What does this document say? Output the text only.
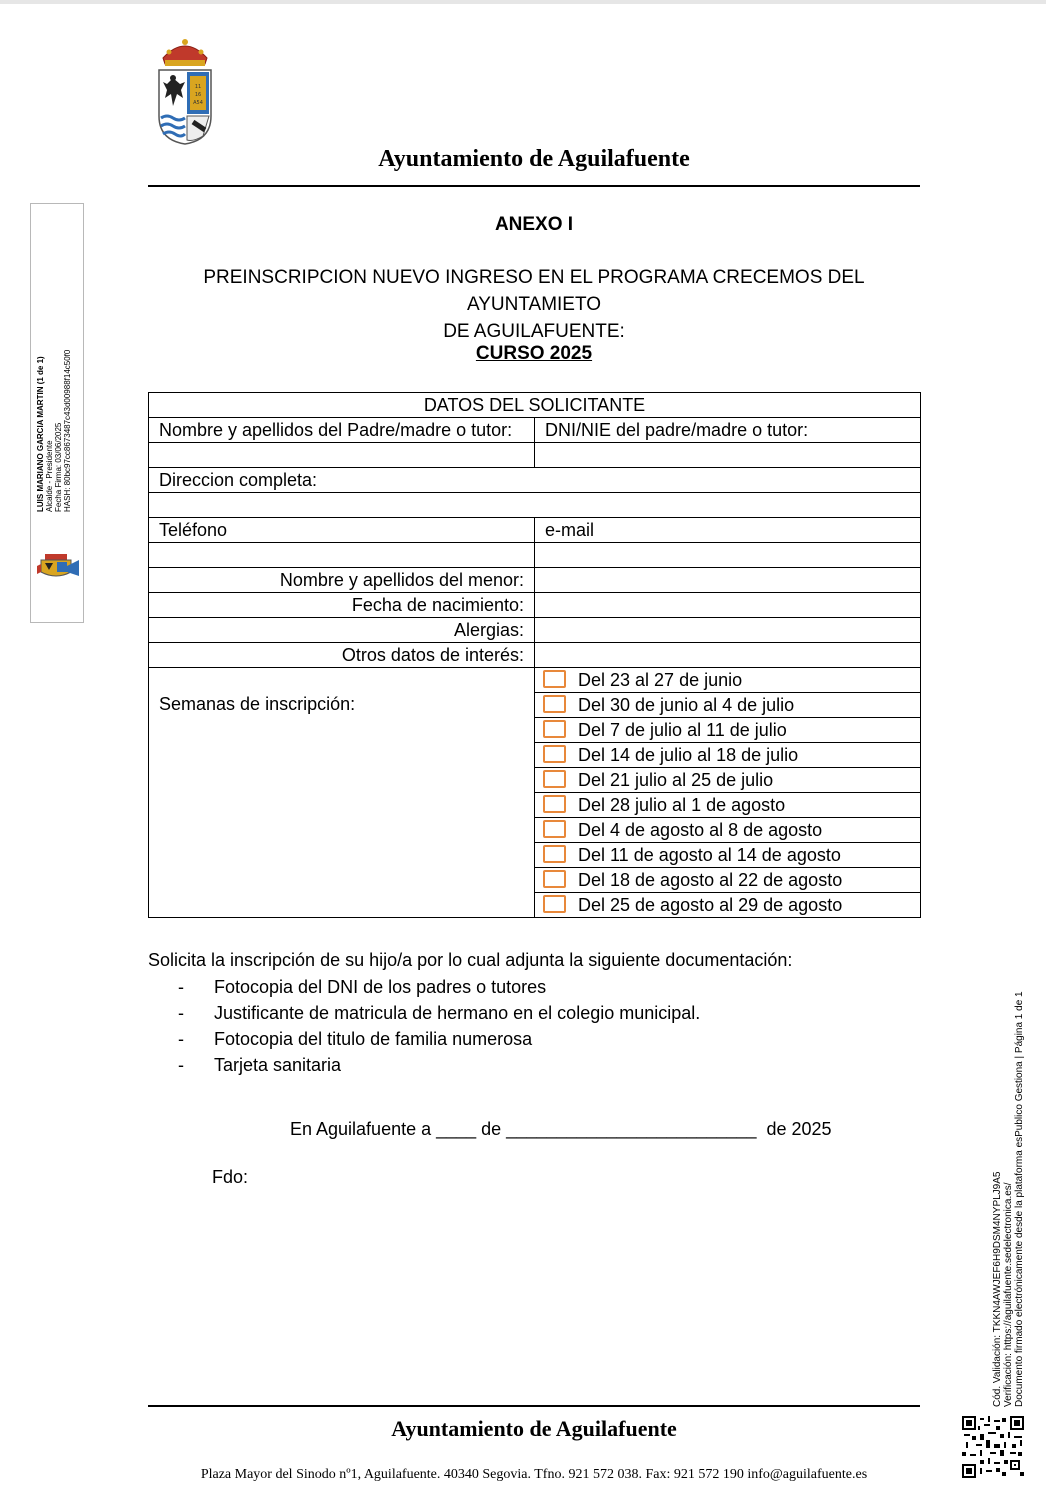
11
16
A54
Ayuntamiento de Aguilafuente
ANEXO I
PREINSCRIPCION NUEVO INGRESO EN EL PROGRAMA CRECEMOS DEL AYUNTAMIETO
DE AGUILAFUENTE:
CURSO 2025
DATOS DEL SOLICITANTE	
Nombre y apellidos del Padre/madre o tutor:	DNI/NIE del padre/madre o tutor:

Direccion completa:	

Teléfono	e-mail

Nombre y apellidos del menor:	
Fecha de nacimiento:	
Alergias:	
Otros datos de interés:	
Semanas de inscripción:	Del 23 al 27 de junio
	Del 30 de junio al 4 de julio
	Del 7 de julio al 11 de julio
	Del 14 de julio al 18 de julio
	Del 21 julio al 25 de julio
	Del 28 julio al 1 de agosto
	Del 4 de agosto al 8 de agosto
	Del 11 de agosto al 14 de agosto
	Del 18 de agosto al 22 de agosto
	Del 25 de agosto al 29 de agosto
Solicita la inscripción de su hijo/a por lo cual adjunta la siguiente documentación:
- Fotocopia del DNI de los padres o tutores
- Justificante de matricula de hermano en el colegio municipal.
- Fotocopia del titulo de familia numerosa
- Tarjeta sanitaria
En Aguilafuente a ____ de _________________________  de 2025
Fdo:
Ayuntamiento de Aguilafuente
Plaza Mayor del Sinodo nº1, Aguilafuente. 40340 Segovia. Tfno. 921 572 038. Fax: 921 572 190 info@aguilafuente.es
LUIS MARIANO GARCIA MARTIN (1 de 1) Alcalde - Presidente Fecha Firma: 03/06/2025 HASH: 80bc97cc8673487c43d00988f14c50f0
Cód. Validación: TKKN4AWJEF6H9DSM4NYPLJ9A5 Verificación: https://aguilafuente.sedelectronica.es/ Documento firmado electrónicamente desde la plataforma esPublico Gestiona | Página 1 de 1
